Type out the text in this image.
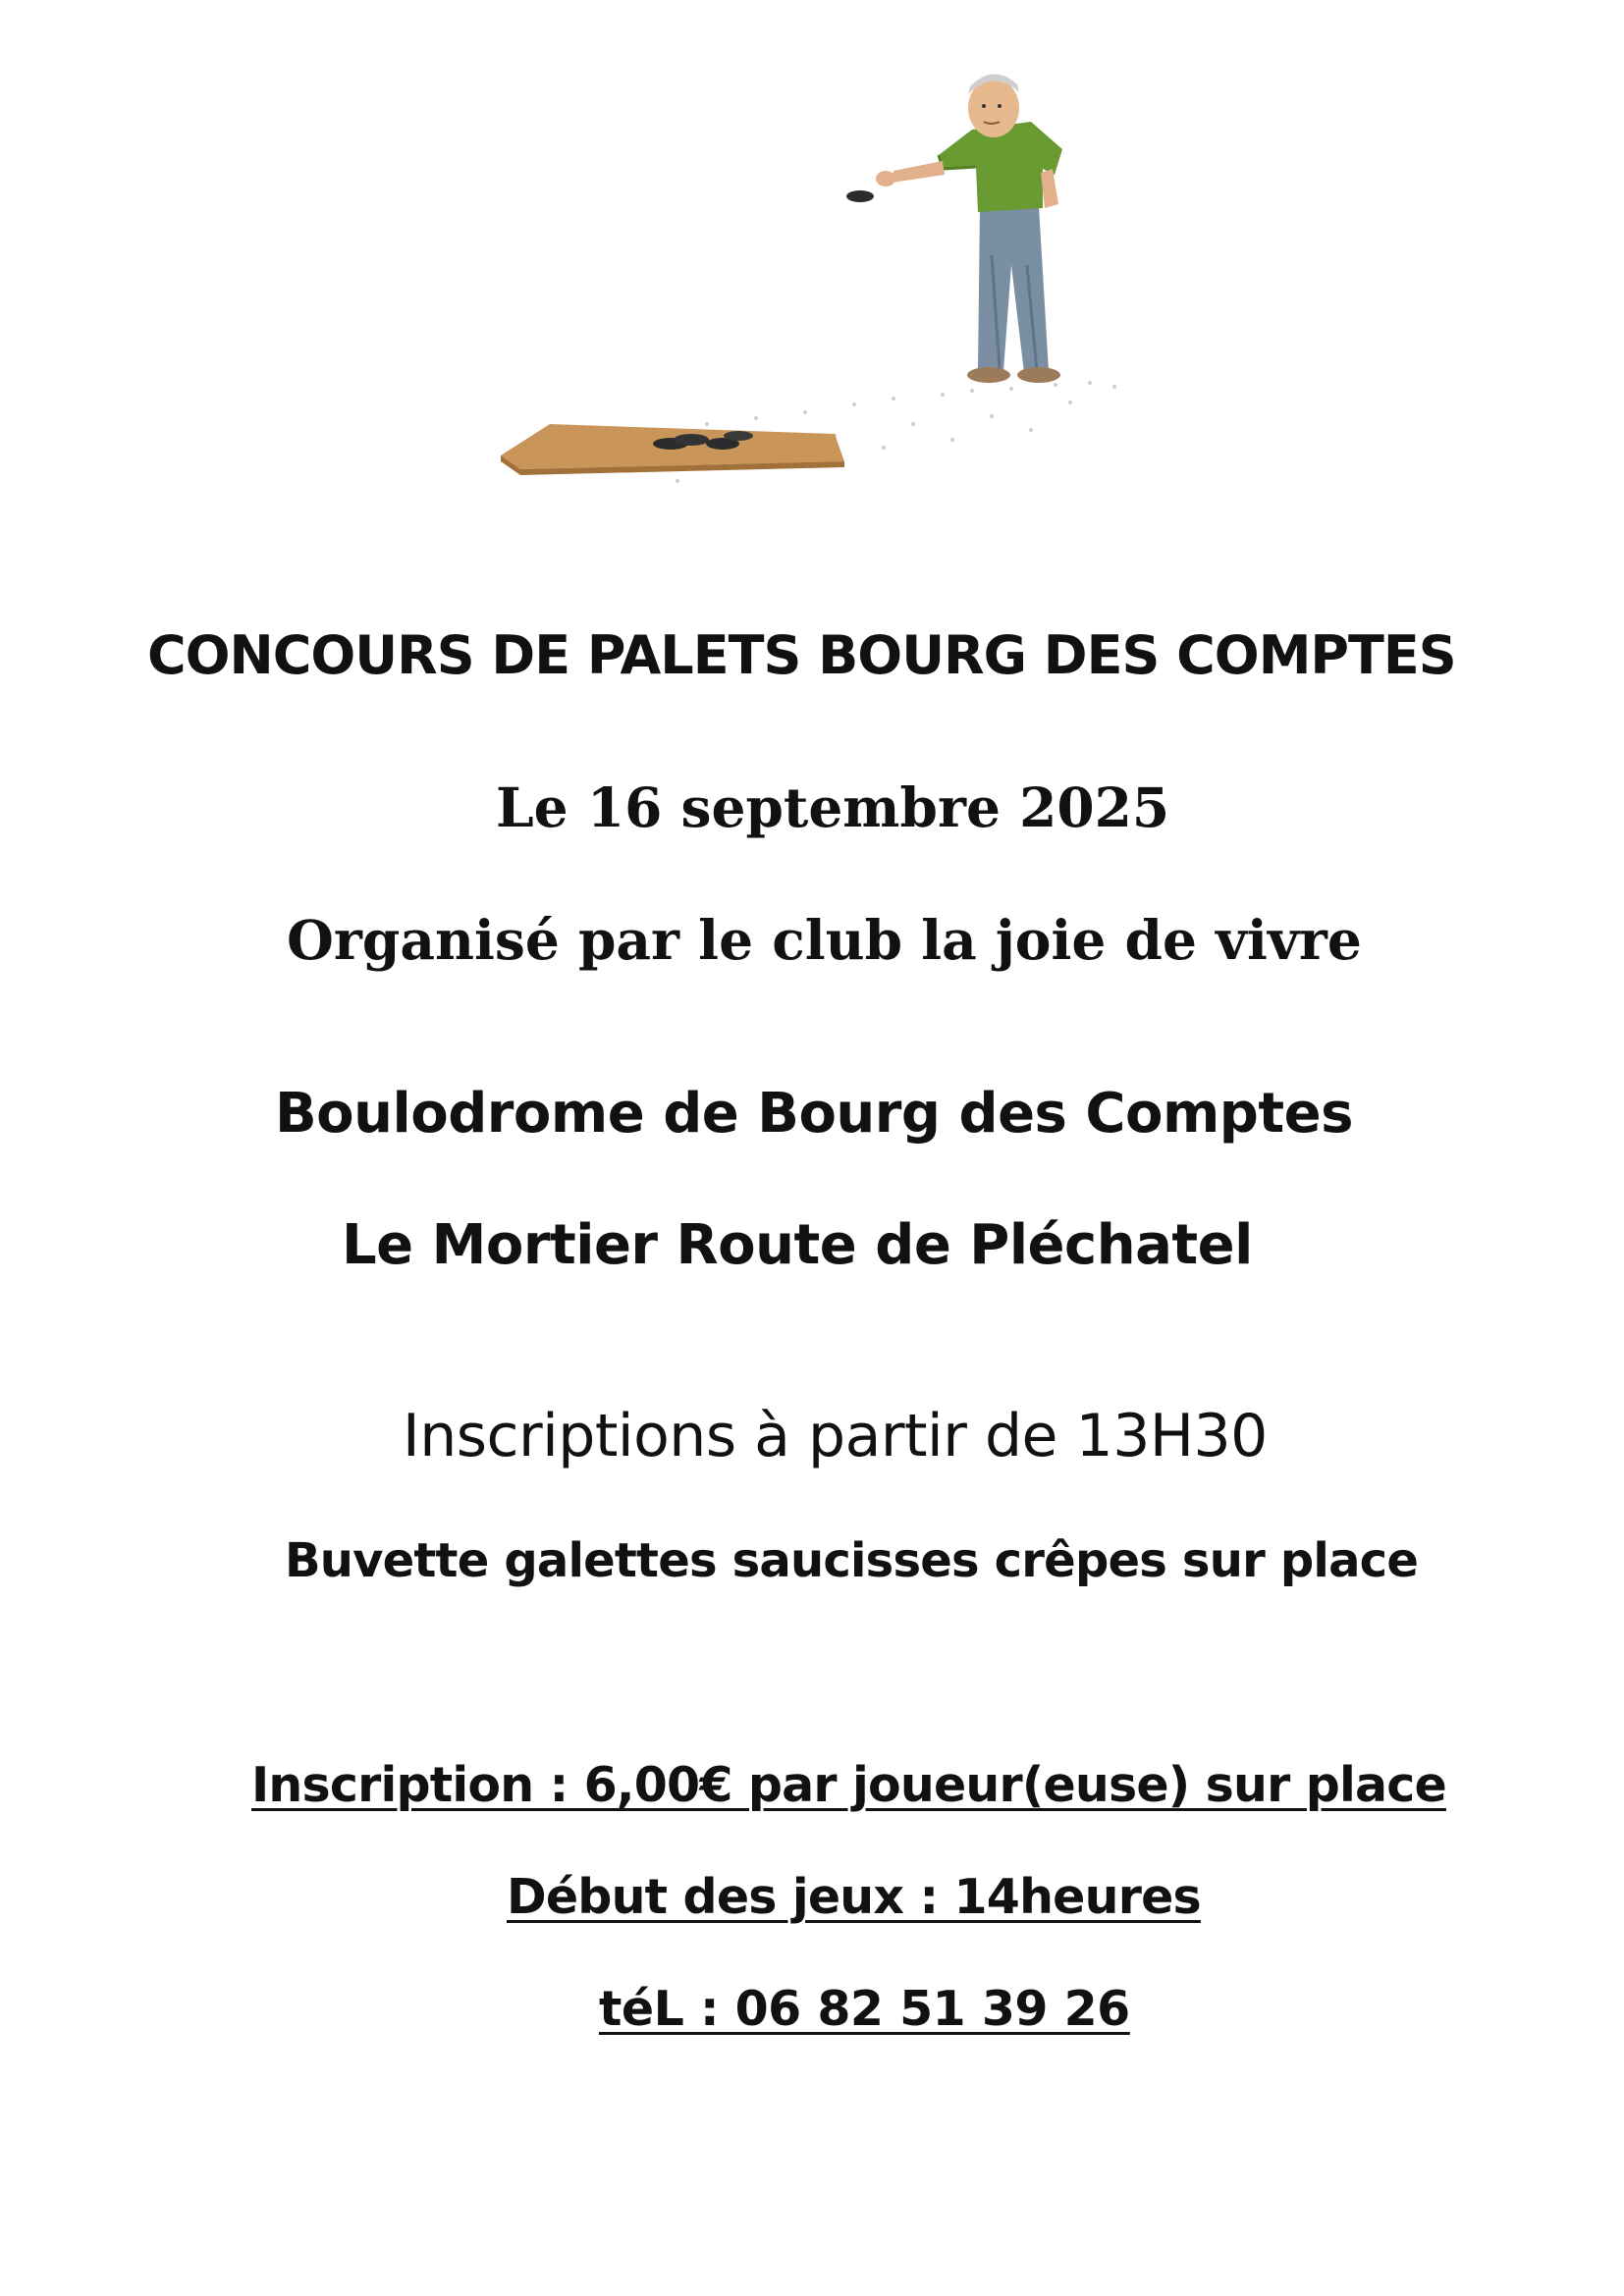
CONCOURS DE PALETS BOURG DES COMPTES
Le 16 septembre 2025
Organisé par le club la joie de vivre
Boulodrome de Bourg des Comptes
Le Mortier Route de Pléchatel
Inscriptions à partir de 13H30
Buvette galettes saucisses crêpes sur place
Inscription : 6,00€ par joueur(euse) sur place
Début des jeux : 14heures
téL : 06 82 51 39 26
